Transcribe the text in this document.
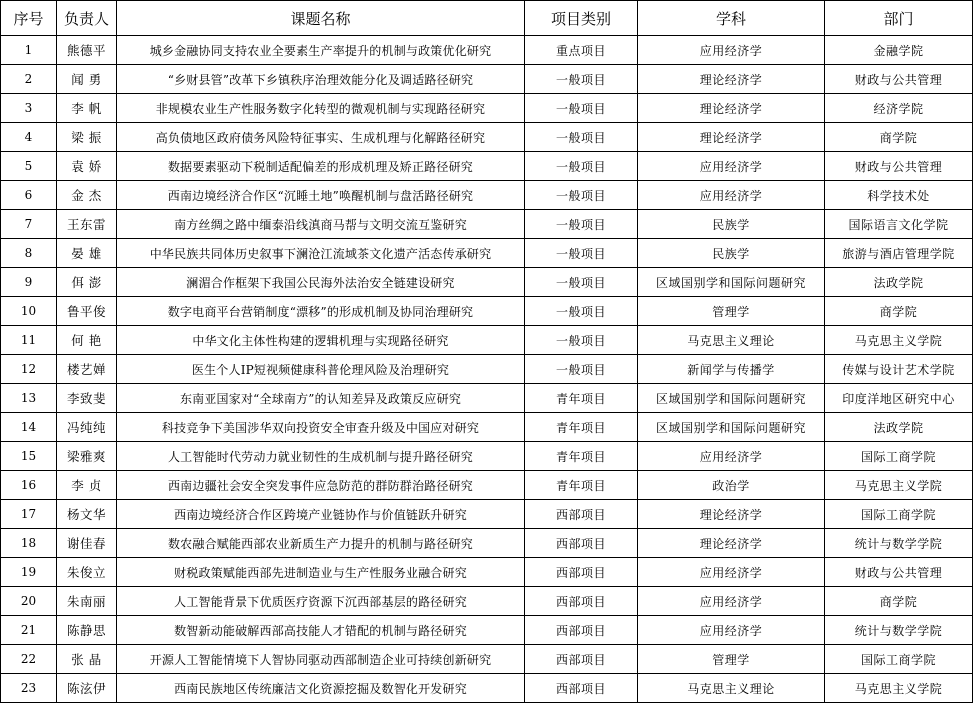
序号	负责人	课题名称	项目类别	学科	部门
1	熊德平	城乡金融协同支持农业全要素生产率提升的机制与政策优化研究	重点项目	应用经济学	金融学院
2	闻 勇	“乡财县管”改革下乡镇秩序治理效能分化及调适路径研究	一般项目	理论经济学	财政与公共管理
3	李 帆	非规模农业生产性服务数字化转型的微观机制与实现路径研究	一般项目	理论经济学	经济学院
4	梁 振	高负债地区政府债务风险特征事实、生成机理与化解路径研究	一般项目	理论经济学	商学院
5	袁 娇	数据要素驱动下税制适配偏差的形成机理及矫正路径研究	一般项目	应用经济学	财政与公共管理
6	金 杰	西南边境经济合作区“沉睡土地”唤醒机制与盘活路径研究	一般项目	应用经济学	科学技术处
7	王东雷	南方丝绸之路中缅泰沿线滇商马帮与文明交流互鉴研究	一般项目	民族学	国际语言文化学院
8	晏 雄	中华民族共同体历史叙事下澜沧江流域茶文化遗产活态传承研究	一般项目	民族学	旅游与酒店管理学院
9	佴 澎	澜湄合作框架下我国公民海外法治安全链建设研究	一般项目	区域国别学和国际问题研究	法政学院
10	鲁平俊	数字电商平台营销制度“漂移”的形成机制及协同治理研究	一般项目	管理学	商学院
11	何 艳	中华文化主体性构建的逻辑机理与实现路径研究	一般项目	马克思主义理论	马克思主义学院
12	楼艺婵	医生个人IP短视频健康科普伦理风险及治理研究	一般项目	新闻学与传播学	传媒与设计艺术学院
13	李致斐	东南亚国家对“全球南方”的认知差异及政策反应研究	青年项目	区域国别学和国际问题研究	印度洋地区研究中心
14	冯纯纯	科技竞争下美国涉华双向投资安全审查升级及中国应对研究	青年项目	区域国别学和国际问题研究	法政学院
15	梁雅爽	人工智能时代劳动力就业韧性的生成机制与提升路径研究	青年项目	应用经济学	国际工商学院
16	李 贞	西南边疆社会安全突发事件应急防范的群防群治路径研究	青年项目	政治学	马克思主义学院
17	杨文华	西南边境经济合作区跨境产业链协作与价值链跃升研究	西部项目	理论经济学	国际工商学院
18	谢佳春	数农融合赋能西部农业新质生产力提升的机制与路径研究	西部项目	理论经济学	统计与数学学院
19	朱俊立	财税政策赋能西部先进制造业与生产性服务业融合研究	西部项目	应用经济学	财政与公共管理
20	朱南丽	人工智能背景下优质医疗资源下沉西部基层的路径研究	西部项目	应用经济学	商学院
21	陈静思	数智新动能破解西部高技能人才错配的机制与路径研究	西部项目	应用经济学	统计与数学学院
22	张 晶	开源人工智能情境下人智协同驱动西部制造企业可持续创新研究	西部项目	管理学	国际工商学院
23	陈泫伊	西南民族地区传统廉洁文化资源挖掘及数智化开发研究	西部项目	马克思主义理论	马克思主义学院
